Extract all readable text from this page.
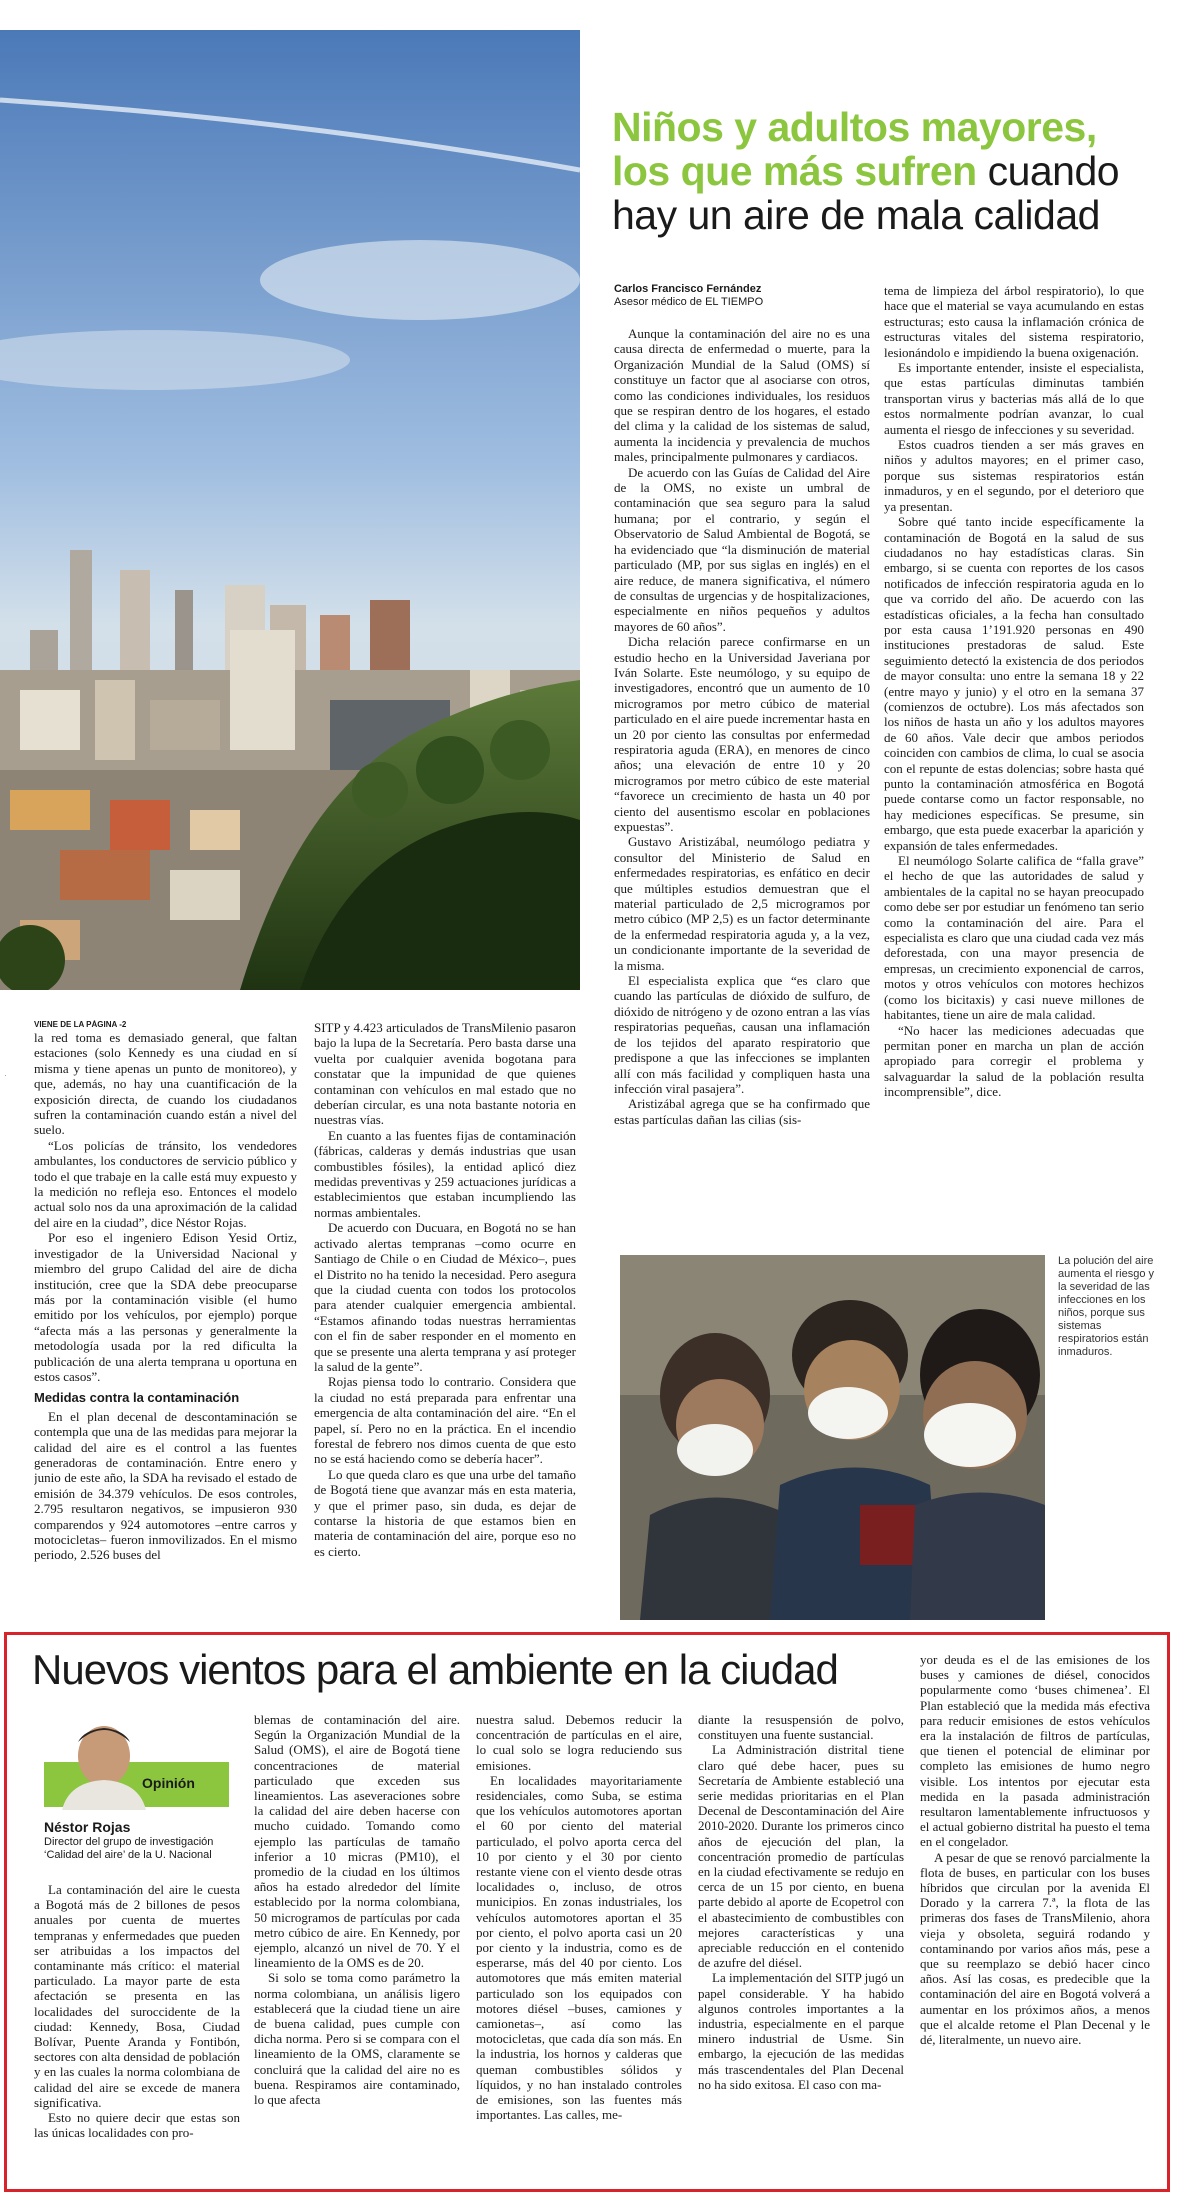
Niños y adultos mayores,
los que más sufren cuando
hay un aire de mala calidad
Carlos Francisco Fernández
Asesor médico de EL TIEMPO
VIENE DE LA PÁGINA -2

la red toma es demasiado general, que faltan estaciones (solo Kennedy es una ciudad en sí misma y tiene apenas un punto de monitoreo), y que, además, no hay una cuantificación de la exposición directa, de cuando los ciudadanos sufren la contaminación cuando están a nivel del suelo.

“Los policías de tránsito, los vendedores ambulantes, los conductores de servicio público y todo el que trabaje en la calle está muy expuesto y la medición no refleja eso. Entonces el modelo actual solo nos da una aproximación de la calidad del aire en la ciudad”, dice Néstor Rojas.

Por eso el ingeniero Edison Yesid Ortiz, investigador de la Universidad Nacional y miembro del grupo Calidad del aire de dicha institución, cree que la SDA debe preocuparse más por la contaminación visible (el humo emitido por los vehículos, por ejemplo) porque “afecta más a las personas y generalmente la metodología usada por la red dificulta la publicación de una alerta temprana u oportuna en estos casos”.

Medidas contra la contaminación

En el plan decenal de descontaminación se contempla que una de las medidas para mejorar la calidad del aire es el control a las fuentes generadoras de contaminación. Entre enero y junio de este año, la SDA ha revisado el estado de emisión de 34.379 vehículos. De esos controles, 2.795 resultaron negativos, se impusieron 930 comparendos y 924 automotores –entre carros y motocicletas– fueron inmovilizados. En el mismo periodo, 2.526 buses del

SITP y 4.423 articulados de TransMilenio pasaron bajo la lupa de la Secretaría. Pero basta darse una vuelta por cualquier avenida bogotana para constatar que la impunidad de que quienes contaminan con vehículos en mal estado que no deberían circular, es una nota bastante notoria en nuestras vías.

En cuanto a las fuentes fijas de contaminación (fábricas, calderas y demás industrias que usan combustibles fósiles), la entidad aplicó diez medidas preventivas y 259 actuaciones jurídicas a establecimientos que estaban incumpliendo las normas ambientales.

De acuerdo con Ducuara, en Bogotá no se han activado alertas tempranas –como ocurre en Santiago de Chile o en Ciudad de México–, pues el Distrito no ha tenido la necesidad. Pero asegura que la ciudad cuenta con todos los protocolos para atender cualquier emergencia ambiental. “Estamos afinando todas nuestras herramientas con el fin de saber responder en el momento en que se presente una alerta temprana y así proteger la salud de la gente”.

Rojas piensa todo lo contrario. Considera que la ciudad no está preparada para enfrentar una emergencia de alta contaminación del aire. “En el papel, sí. Pero no en la práctica. En el incendio forestal de febrero nos dimos cuenta de que esto no se está haciendo como se debería hacer”.

Lo que queda claro es que una urbe del tamaño de Bogotá tiene que avanzar más en esta materia, y que el primer paso, sin duda, es dejar de contarse la historia de que estamos bien en materia de contaminación del aire, porque eso no es cierto.

Aunque la contaminación del aire no es una causa directa de enfermedad o muerte, para la Organización Mundial de la Salud (OMS) sí constituye un factor que al asociarse con otros, como las condiciones individuales, los residuos que se respiran dentro de los hogares, el estado del clima y la calidad de los sistemas de salud, aumenta la incidencia y prevalencia de muchos males, principalmente pulmonares y cardiacos.

De acuerdo con las Guías de Calidad del Aire de la OMS, no existe un umbral de contaminación que sea seguro para la salud humana; por el contrario, y según el Observatorio de Salud Ambiental de Bogotá, se ha evidenciado que “la disminución de material particulado (MP, por sus siglas en inglés) en el aire reduce, de manera significativa, el número de consultas de urgencias y de hospitalizaciones, especialmente en niños pequeños y adultos mayores de 60 años”.

Dicha relación parece confirmarse en un estudio hecho en la Universidad Javeriana por Iván Solarte. Este neumólogo, y su equipo de investigadores, encontró que un aumento de 10 microgramos por metro cúbico de material particulado en el aire puede incrementar hasta en un 20 por ciento las consultas por enfermedad respiratoria aguda (ERA), en menores de cinco años; una elevación de entre 10 y 20 microgramos por metro cúbico de este material “favorece un crecimiento de hasta un 40 por ciento del ausentismo escolar en poblaciones expuestas”.

Gustavo Aristizábal, neumólogo pediatra y consultor del Ministerio de Salud en enfermedades respiratorias, es enfático en decir que múltiples estudios demuestran que el material particulado de 2,5 microgramos por metro cúbico (MP 2,5) es un factor determinante de la enfermedad respiratoria aguda y, a la vez, un condicionante importante de la severidad de la misma.

El especialista explica que “es claro que cuando las partículas de dióxido de sulfuro, de dióxido de nitrógeno y de ozono entran a las vías respiratorias pequeñas, causan una inflamación de los tejidos del aparato respiratorio que predispone a que las infecciones se implanten allí con más facilidad y compliquen hasta una infección viral pasajera”.

Aristizábal agrega que se ha confirmado que estas partículas dañan las cilias (sis-

tema de limpieza del árbol respiratorio), lo que hace que el material se vaya acumulando en estas estructuras; esto causa la inflamación crónica de estructuras vitales del sistema respiratorio, lesionándolo e impidiendo la buena oxigenación.

Es importante entender, insiste el especialista, que estas partículas diminutas también transportan virus y bacterias más allá de lo que estos normalmente podrían avanzar, lo cual aumenta el riesgo de infecciones y su severidad.

Estos cuadros tienden a ser más graves en niños y adultos mayores; en el primer caso, porque sus sistemas respiratorios están inmaduros, y en el segundo, por el deterioro que ya presentan.

Sobre qué tanto incide específicamente la contaminación de Bogotá en la salud de sus ciudadanos no hay estadísticas claras. Sin embargo, si se cuenta con reportes de los casos notificados de infección respiratoria aguda en lo que va corrido del año. De acuerdo con las estadísticas oficiales, a la fecha han consultado por esta causa 1’191.920 personas en 490 instituciones prestadoras de salud. Este seguimiento detectó la existencia de dos periodos de mayor consulta: uno entre la semana 18 y 22 (entre mayo y junio) y el otro en la semana 37 (comienzos de octubre). Los más afectados son los niños de hasta un año y los adultos mayores de 60 años. Vale decir que ambos periodos coinciden con cambios de clima, lo cual se asocia con el repunte de estas dolencias; sobre hasta qué punto la contaminación atmosférica en Bogotá puede contarse como un factor responsable, no hay mediciones específicas. Se presume, sin embargo, que esta puede exacerbar la aparición y expansión de tales enfermedades.

El neumólogo Solarte califica de “falla grave” el hecho de que las autoridades de salud y ambientales de la capital no se hayan preocupado como debe ser por estudiar un fenómeno tan serio como la contaminación del aire. Para el especialista es claro que una ciudad cada vez más deforestada, con una mayor presencia de empresas, un crecimiento exponencial de carros, motos y otros vehículos con motores hechizos (como los bicitaxis) y casi nueve millones de habitantes, tiene un aire de mala calidad.

“No hacer las mediciones adecuadas que permitan poner en marcha un plan de acción apropiado para corregir el problema y salvaguardar la salud de la población resulta incomprensible”, dice.

·
La polución del aire aumenta el riesgo y la severidad de las infecciones en los niños, porque sus sistemas respiratorios están inmaduros.
Nuevos vientos para el ambiente en la ciudad
Opinión
Néstor Rojas
Director del grupo de investigación ‘Calidad del aire’ de la U. Nacional

La contaminación del aire le cuesta a Bogotá más de 2 billones de pesos anuales por cuenta de muertes tempranas y enfermedades que pueden ser atribuidas a los impactos del contaminante más crítico: el material particulado. La mayor parte de esta afectación se presenta en las localidades del suroccidente de la ciudad: Kennedy, Bosa, Ciudad Bolívar, Puente Aranda y Fontibón, sectores con alta densidad de población y en las cuales la norma colombiana de calidad del aire se excede de manera significativa.

Esto no quiere decir que estas son las únicas localidades con pro-

blemas de contaminación del aire. Según la Organización Mundial de la Salud (OMS), el aire de Bogotá tiene concentraciones de material particulado que exceden sus lineamientos. Las aseveraciones sobre la calidad del aire deben hacerse con mucho cuidado. Tomando como ejemplo las partículas de tamaño inferior a 10 micras (PM10), el promedio de la ciudad en los últimos años ha estado alrededor del límite establecido por la norma colombiana, 50 microgramos de partículas por cada metro cúbico de aire. En Kennedy, por ejemplo, alcanzó un nivel de 70. Y el lineamiento de la OMS es de 20.

Si solo se toma como parámetro la norma colombiana, un análisis ligero establecerá que la ciudad tiene un aire de buena calidad, pues cumple con dicha norma. Pero si se compara con el lineamiento de la OMS, claramente se concluirá que la calidad del aire no es buena. Respiramos aire contaminado, lo que afecta

nuestra salud. Debemos reducir la concentración de partículas en el aire, lo cual solo se logra reduciendo sus emisiones.

En localidades mayoritariamente residenciales, como Suba, se estima que los vehículos automotores aportan el 60 por ciento del material particulado, el polvo aporta cerca del 10 por ciento y el 30 por ciento restante viene con el viento desde otras localidades o, incluso, de otros municipios. En zonas industriales, los vehículos automotores aportan el 35 por ciento, el polvo aporta casi un 20 por ciento y la industria, como es de esperarse, más del 40 por ciento. Los automotores que más emiten material particulado son los equipados con motores diésel –buses, camiones y camionetas–, así como las motocicletas, que cada día son más. En la industria, los hornos y calderas que queman combustibles sólidos y líquidos, y no han instalado controles de emisiones, son las fuentes más importantes. Las calles, me-

diante la resuspensión de polvo, constituyen una fuente sustancial.

La Administración distrital tiene claro qué debe hacer, pues su Secretaría de Ambiente estableció una serie medidas prioritarias en el Plan Decenal de Descontaminación del Aire 2010-2020. Durante los primeros cinco años de ejecución del plan, la concentración promedio de partículas en la ciudad efectivamente se redujo en cerca de un 15 por ciento, en buena parte debido al aporte de Ecopetrol con el abastecimiento de combustibles con mejores características y una apreciable reducción en el contenido de azufre del diésel.

La implementación del SITP jugó un papel considerable. Y ha habido algunos controles importantes a la industria, especialmente en el parque minero industrial de Usme. Sin embargo, la ejecución de las medidas más trascendentales del Plan Decenal no ha sido exitosa. El caso con ma-

yor deuda es el de las emisiones de los buses y camiones de diésel, conocidos popularmente como ‘buses chimenea’. El Plan estableció que la medida más efectiva para reducir emisiones de estos vehículos era la instalación de filtros de partículas, que tienen el potencial de eliminar por completo las emisiones de humo negro visible. Los intentos por ejecutar esta medida en la pasada administración resultaron lamentablemente infructuosos y el actual gobierno distrital ha puesto el tema en el congelador.

A pesar de que se renovó parcialmente la flota de buses, en particular con los buses híbridos que circulan por la avenida El Dorado y la carrera 7.ª, la flota de las primeras dos fases de TransMilenio, ahora vieja y obsoleta, seguirá rodando y contaminando por varios años más, pese a que su reemplazo se debió hacer cinco años. Así las cosas, es predecible que la contaminación del aire en Bogotá volverá a aumentar en los próximos años, a menos que el alcalde retome el Plan Decenal y le dé, literalmente, un nuevo aire.
